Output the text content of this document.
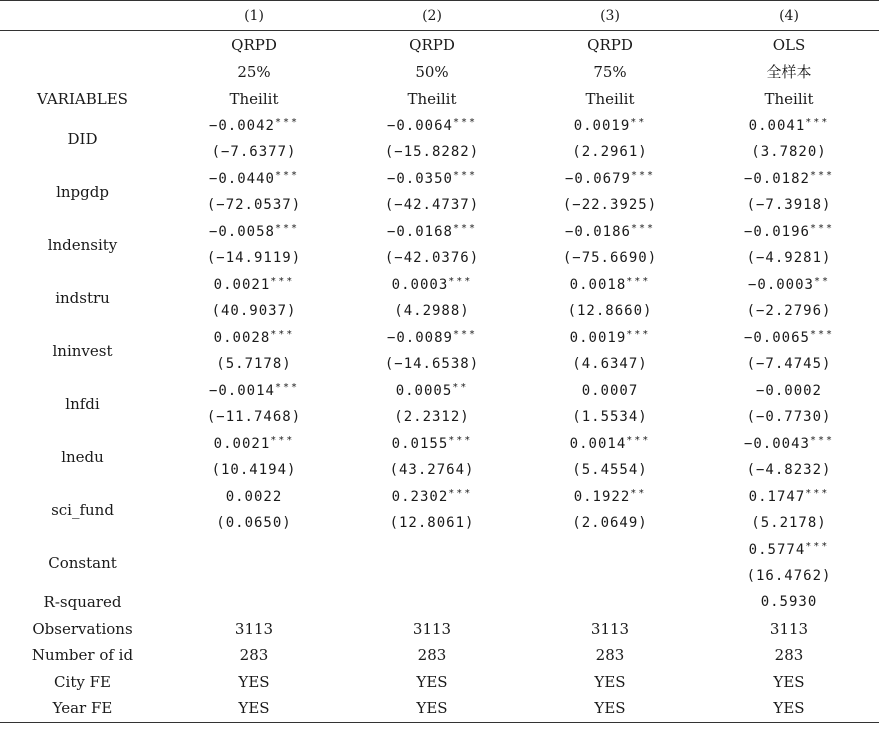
	(1)	(2)	(3)	(4)
	QRPD	QRPD	QRPD	OLS
	25%	50%	75%	全样本
VARIABLES	Theilit	Theilit	Theilit	Theilit
DID	−0.0042***	−0.0064***	0.0019**	0.0041***
	(−7.6377)	(−15.8282)	(2.2961)	(3.7820)
lnpgdp	−0.0440***	−0.0350***	−0.0679***	−0.0182***
	(−72.0537)	(−42.4737)	(−22.3925)	(−7.3918)
lndensity	−0.0058***	−0.0168***	−0.0186***	−0.0196***
	(−14.9119)	(−42.0376)	(−75.6690)	(−4.9281)
indstru	0.0021***	0.0003***	0.0018***	−0.0003**
	(40.9037)	(4.2988)	(12.8660)	(−2.2796)
lninvest	0.0028***	−0.0089***	0.0019***	−0.0065***
	(5.7178)	(−14.6538)	(4.6347)	(−7.4745)
lnfdi	−0.0014***	0.0005**	0.0007	−0.0002
	(−11.7468)	(2.2312)	(1.5534)	(−0.7730)
lnedu	0.0021***	0.0155***	0.0014***	−0.0043***
	(10.4194)	(43.2764)	(5.4554)	(−4.8232)
sci_fund	0.0022	0.2302***	0.1922**	0.1747***
	(0.0650)	(12.8061)	(2.0649)	(5.2178)
Constant				0.5774***
				(16.4762)
R-squared				0.5930
Observations	3113	3113	3113	3113
Number of id	283	283	283	283
City FE	YES	YES	YES	YES
Year FE	YES	YES	YES	YES
